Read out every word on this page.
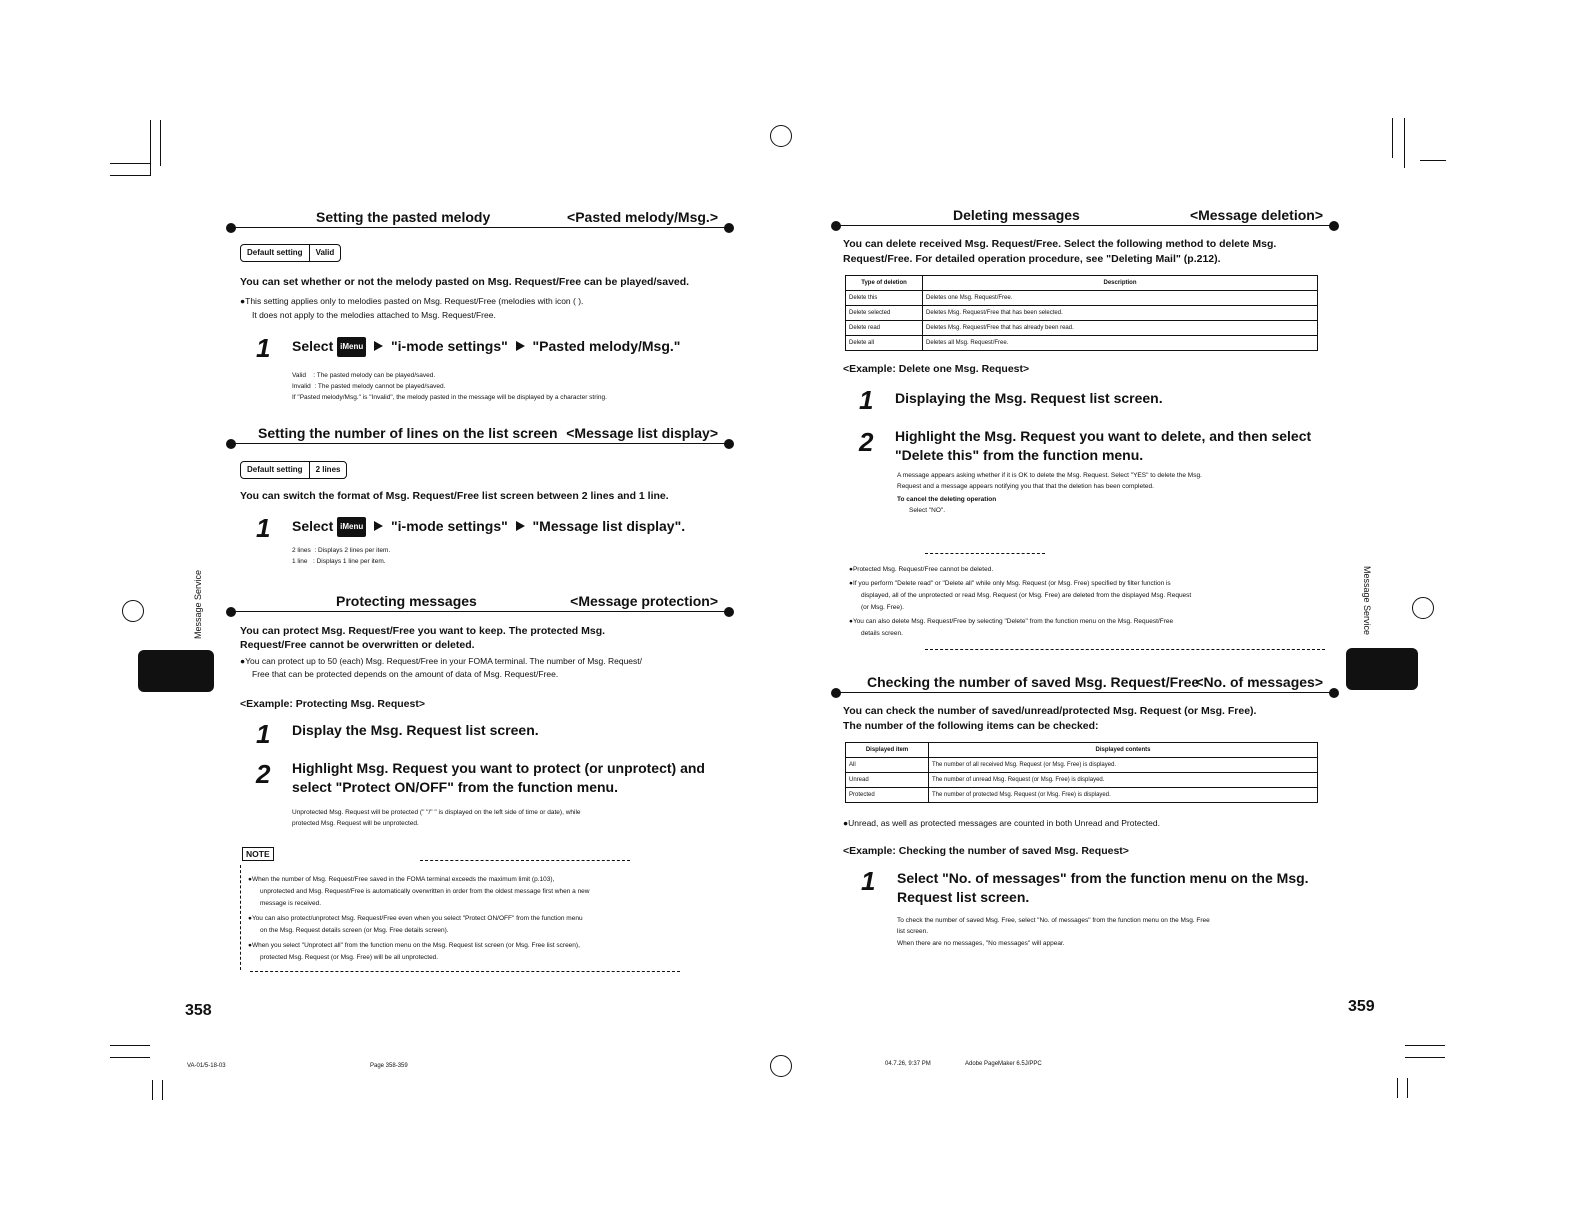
Message Service	Message Service
Setting the pasted melody	<Pasted melody/Msg.>
Default setting	Valid
You can set whether or not the melody pasted on Msg. Request/Free can be played/saved.
● This setting applies only to melodies pasted on Msg. Request/Free (melodies with icon ( ).
It does not apply to the melodies attached to Msg. Request/Free.
1 Select iMenu "i-mode settings" "Pasted melody/Msg."
Valid    : The pasted melody can be played/saved.
Invalid  : The pasted melody cannot be played/saved.
If "Pasted melody/Msg." is "Invalid", the melody pasted in the message will be displayed by a character string.
Setting the number of lines on the list screen <Message list display>
Default setting	2 lines
You can switch the format of Msg. Request/Free list screen between 2 lines and 1 line.
1 Select iMenu "i-mode settings" "Message list display".
2 lines  : Displays 2 lines per item.
1 line   : Displays 1 line per item.
Protecting messages	<Message protection>
You can protect Msg. Request/Free you want to keep. The protected Msg.
Request/Free cannot be overwritten or deleted.
● You can protect up to 50 (each) Msg. Request/Free in your FOMA terminal. The number of Msg. Request/
Free that can be protected depends on the amount of data of Msg. Request/Free.
<Example: Protecting Msg. Request>
1 Display the Msg. Request list screen.
2 Highlight Msg. Request you want to protect (or unprotect) and
select "Protect ON/OFF" from the function menu.
Unprotected Msg. Request will be protected (" "/" " is displayed on the left side of time or date), while
protected Msg. Request will be unprotected.
NOTE
● When the number of Msg. Request/Free saved in the FOMA terminal exceeds the maximum limit (p.103),
unprotected and Msg. Request/Free is automatically overwritten in order from the oldest message first when a new
message is received.
● You can also protect/unprotect Msg. Request/Free even when you select "Protect ON/OFF" from the function menu
on the Msg. Request details screen (or Msg. Free details screen).
● When you select "Unprotect all" from the function menu on the Msg. Request list screen (or Msg. Free list screen),
protected Msg. Request (or Msg. Free) will be all unprotected.
358
VA-01/5-18-03	Page 358-359
Deleting messages	<Message deletion>
You can delete received Msg. Request/Free. Select the following method to delete Msg.
Request/Free. For detailed operation procedure, see "Deleting Mail" (p.212).
Type of deletion	Description
Delete this	Deletes one Msg. Request/Free.
Delete selected	Deletes Msg. Request/Free that has been selected.
Delete read	Deletes Msg. Request/Free that has already been read.
Delete all	Deletes all Msg. Request/Free.
<Example: Delete one Msg. Request>
1 Displaying the Msg. Request list screen.
2 Highlight the Msg. Request you want to delete, and then select
"Delete this" from the function menu.
A message appears asking whether if it is OK to delete the Msg. Request. Select "YES" to delete the Msg.
Request and a message appears notifying you that that the deletion has been completed.
To cancel the deleting operation
Select "NO".
● Protected Msg. Request/Free cannot be deleted.
● If you perform "Delete read" or "Delete all" while only Msg. Request (or Msg. Free) specified by filter function is
displayed, all of the unprotected or read Msg. Request (or Msg. Free) are deleted from the displayed Msg. Request
(or Msg. Free).
● You can also delete Msg. Request/Free by selecting "Delete" from the function menu on the Msg. Request/Free
details screen.
Checking the number of saved Msg. Request/Free
<No. of messages>
You can check the number of saved/unread/protected Msg. Request (or Msg. Free).
The number of the following items can be checked:
Displayed item	Displayed contents
All	The number of all received Msg. Request (or Msg. Free) is displayed.
Unread	The number of unread Msg. Request (or Msg. Free) is displayed.
Protected	The number of protected Msg. Request (or Msg. Free) is displayed.
● Unread, as well as protected messages are counted in both Unread and Protected.
<Example: Checking the number of saved Msg. Request>
1 Select "No. of messages" from the function menu on the Msg.
Request list screen.
To check the number of saved Msg. Free, select "No. of messages" from the function menu on the Msg. Free
list screen.
When there are no messages, "No messages" will appear.
359
04.7.26, 9:37 PM	Adobe PageMaker 6.5J/PPC
